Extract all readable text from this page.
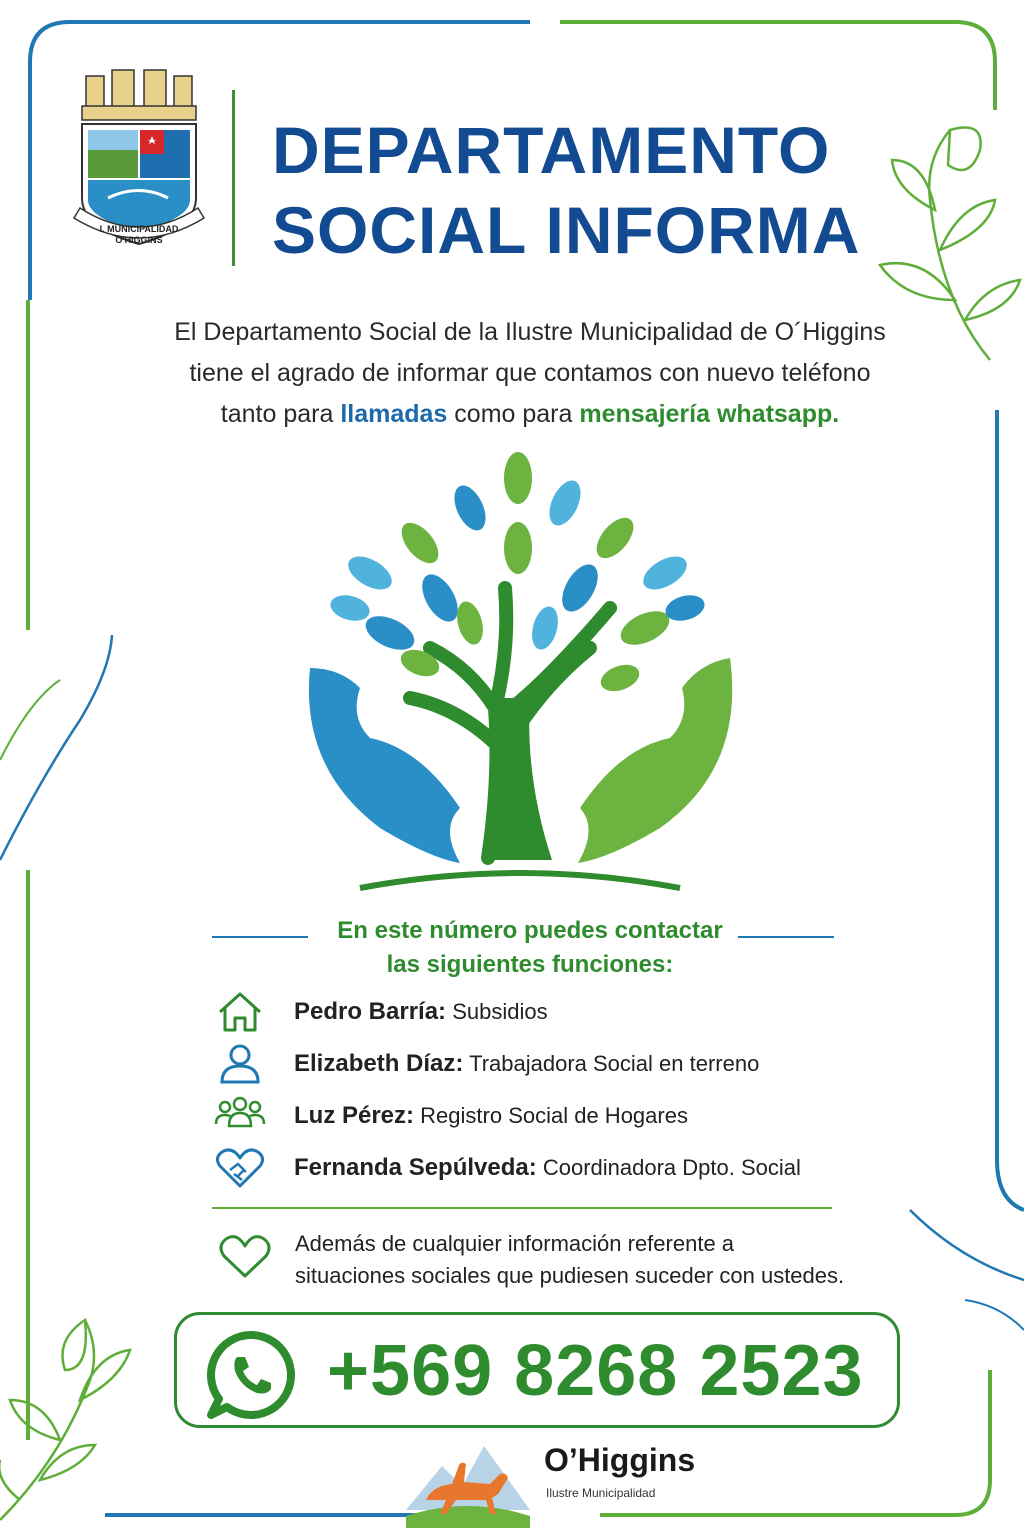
I. MUNICIPALIDAD
O'HIGGINS
DEPARTAMENTO
SOCIAL INFORMA
El Departamento Social de la Ilustre Municipalidad de O´Higgins
tiene el agrado de informar que contamos con nuevo teléfono
tanto para llamadas como para mensajería whatsapp.
En este número puedes contactar
las siguientes funciones:
Pedro Barría: Subsidios
Elizabeth Díaz: Trabajadora Social en terreno
Luz Pérez: Registro Social de Hogares
Fernanda Sepúlveda: Coordinadora Dpto. Social
Además de cualquier información referente a
situaciones sociales que pudiesen suceder con ustedes.
+569 8268 2523
O’Higgins
Ilustre Municipalidad
